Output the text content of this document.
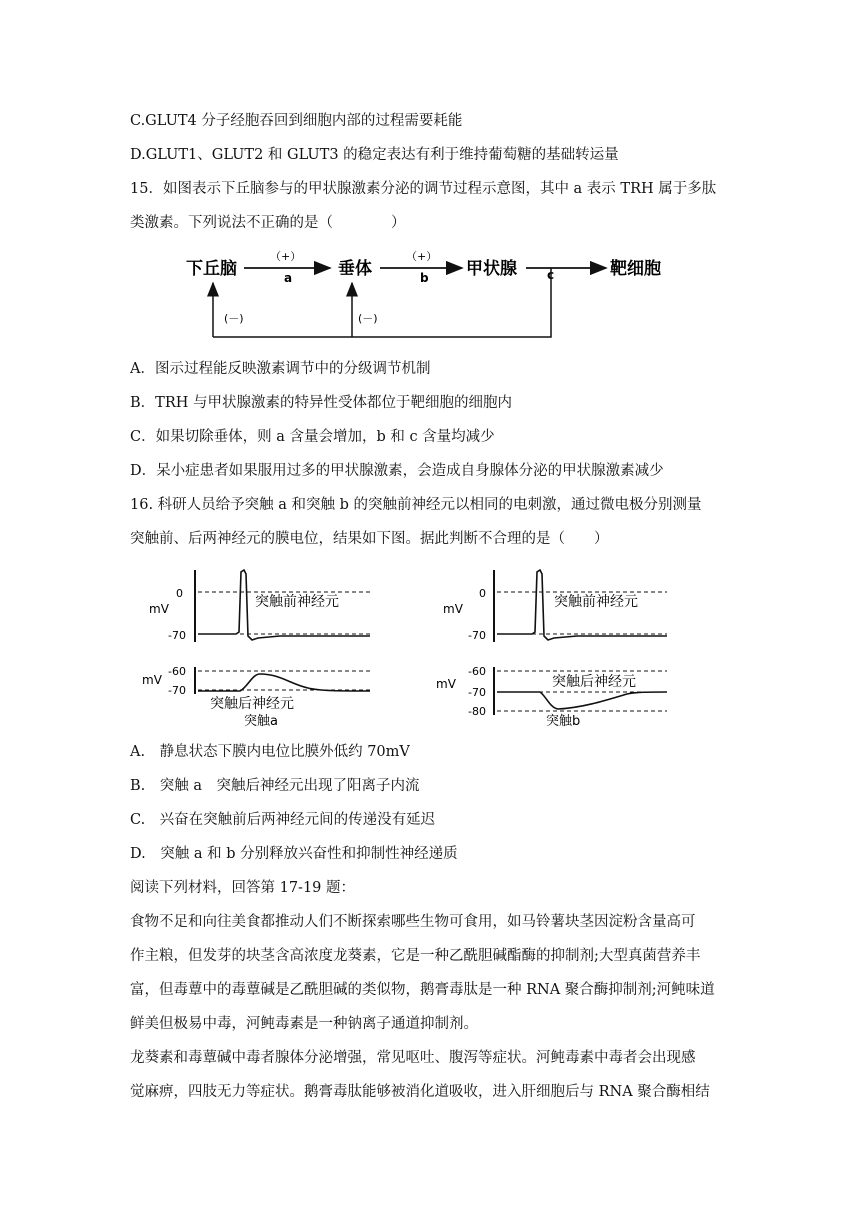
C.GLUT4 分子经胞吞回到细胞内部的过程需要耗能
D.GLUT1、GLUT2 和 GLUT3 的稳定表达有利于维持葡萄糖的基础转运量
15．如图表示下丘脑参与的甲状腺激素分泌的调节过程示意图，其中 a 表示 TRH 属于多肽
类激素。下列说法不正确的是（　　　　）
下丘脑	垂体	甲状腺	靶细胞
（+）
a
（+）
b	c
(－)	(－)
A．图示过程能反映激素调节中的分级调节机制
B．TRH 与甲状腺激素的特异性受体都位于靶细胞的细胞内
C．如果切除垂体，则 a 含量会增加，b 和 c 含量均减少
D．呆小症患者如果服用过多的甲状腺激素，会造成自身腺体分泌的甲状腺激素减少
16. 科研人员给予突触 a 和突触 b 的突触前神经元以相同的电刺激，通过微电极分别测量
突触前、后两神经元的膜电位，结果如下图。据此判断不合理的是（　　）
0
mV
-70
突触前神经元
-60
mV
-70
突触后神经元
突触a
0
mV
-70
突触前神经元
-60
mV
-70
-80
突触后神经元
突触b
A.　静息状态下膜内电位比膜外低约 70mV
B.　突触 a　突触后神经元出现了阳离子内流
C.　兴奋在突触前后两神经元间的传递没有延迟
D.　突触 a 和 b 分别释放兴奋性和抑制性神经递质
阅读下列材料，回答第 17-19 题：
食物不足和向往美食都推动人们不断探索哪些生物可食用，如马铃薯块茎因淀粉含量高可
作主粮，但发芽的块茎含高浓度龙葵素，它是一种乙酰胆碱酯酶的抑制剂;大型真菌营养丰
富，但毒蕈中的毒蕈碱是乙酰胆碱的类似物，鹅膏毒肽是一种 RNA 聚合酶抑制剂;河鲀味道
鲜美但极易中毒，河鲀毒素是一种钠离子通道抑制剂。
龙葵素和毒蕈碱中毒者腺体分泌增强，常见呕吐、腹泻等症状。河鲀毒素中毒者会出现感
觉麻痹，四肢无力等症状。鹅膏毒肽能够被消化道吸收，进入肝细胞后与 RNA 聚合酶相结
